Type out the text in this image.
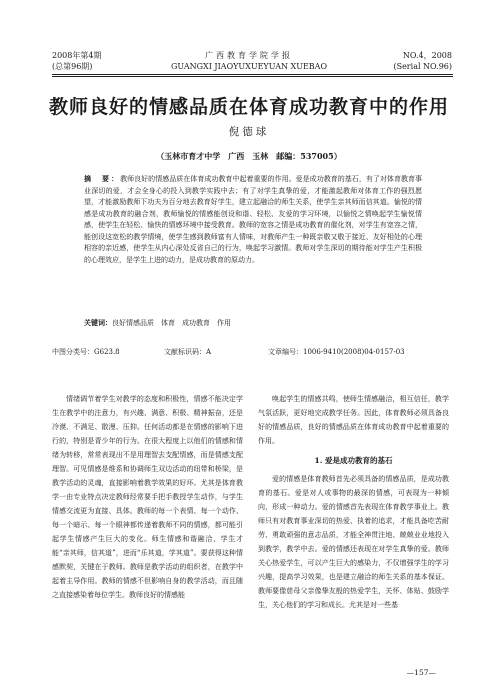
2008年第4期
(总第96期)
广西教育学院学报
GUANGXI JIAOYUXUEYUAN XUEBAO
NO.4，2008
(Serial NO.96)
教师良好的情感品质在体育成功教育中的作用
倪德球
（玉林市育才中学　广西　玉林　邮编：537005）
摘　要：教师良好的情感品质在体育成功教育中起着重要的作用。爱是成功教育的基石，有了对体育教育事业深切的爱，才会全身心的投入到教学实践中去；有了对学生真挚的爱，才能激起教师对体育工作的强烈愿望，才能激励教师下功夫为百分地去教育好学生，建立起融洽的师生关系，使学生亲其师而信其道。愉悦的情感是成功教育的融合剂，教师愉悦的情感能创设和谐、轻松、友爱的学习环境，以愉悦之情唤起学生愉悦情感，使学生在轻松、愉快的情感环境中接受教育。教师的宽容之情是成功教育的催化剂，对学生有宽容之情，能创设这宽松的教学情境，使学生感到教师富有人情味，对教师产生一种既亲敬又敬于接近、友好相处的心理相容的亲近感，使学生从内心深处反省自己的行为，唤起学习激情。教师对学生深切的期待能对学生产生积极的心理效应，是学生上进的动力，是成功教育的原动力。
关键词：良好情感品质　体育　成功教育　作用
中图分类号：G623.8	文献标识码：A	文章编号：1006-9410(2008)04-0157-03

情绪调节着学生对教学的态度和积极性，情感不能决定学生在教学中的注意力，有兴趣、满意、积极、精神振奋，还是冷漠、不满足、散漫、压抑。任何活动都是在情感的影响下进行的，特别是青少年的行为。在很大程度上以他们的情感和情绪为转移，常常表现出不是用理智去支配情感，而是情感支配理智。可见情感是维系和协调师生双边活动的纽带和桥梁，是教学活动的灵魂，直接影响着教学效果的好坏。尤其是体育教学一由专业特点决定教师经常要手把手教授学生动作，与学生情感交流更为直接、具体。教师的每一个表情、每一个动作、每一个暗示、每一个眼神都传递着教师不同的情感，都可能引起学生情感产生巨大的变化。师生情感和谐融洽，学生才能“亲其师，信其道”，进而“乐其道，学其道”。要获得这种情感默契，关键在于教师。教师是教学活动的组织者，在教学中起着主导作用。教师的情感不但影响自身的教学活动，而且随之直接感染着每位学生。教师良好的情感能

唤起学生的情感共鸣，使师生情感融洽，相互信任，教学气氛活跃，更好地完成教学任务。因此，体育教师必须具备良好的情感品质，良好的情感品质在体育成功教育中起着重要的作用。

1. 爱是成功教育的基石

爱的情感是体育教师首先必须具备的情感品质，是成功教育的基石。爱是对人或事物的最深的情感，可表现为一种倾向，形成一种动力。爱的情感首先表现在体育教学事业上。教师只有对教育事业深切的热爱、执着的追求，才能具备吃苦耐劳、勇敢顽强的意志品质，才能全神贯注地、兢兢业业地投入到教学，教学中去。爱的情感还表现在对学生真挚的爱。教师关心热爱学生，可以产生巨大的感染力，不仅增强学生的学习兴趣，提高学习效果，也是建立融洽的师生关系的基本保证。教师要像慈母父亲像挚友般的热爱学生，关怀、体贴、鼓励学生，关心他们的学习和成长。尤其是对一些基

—157—
